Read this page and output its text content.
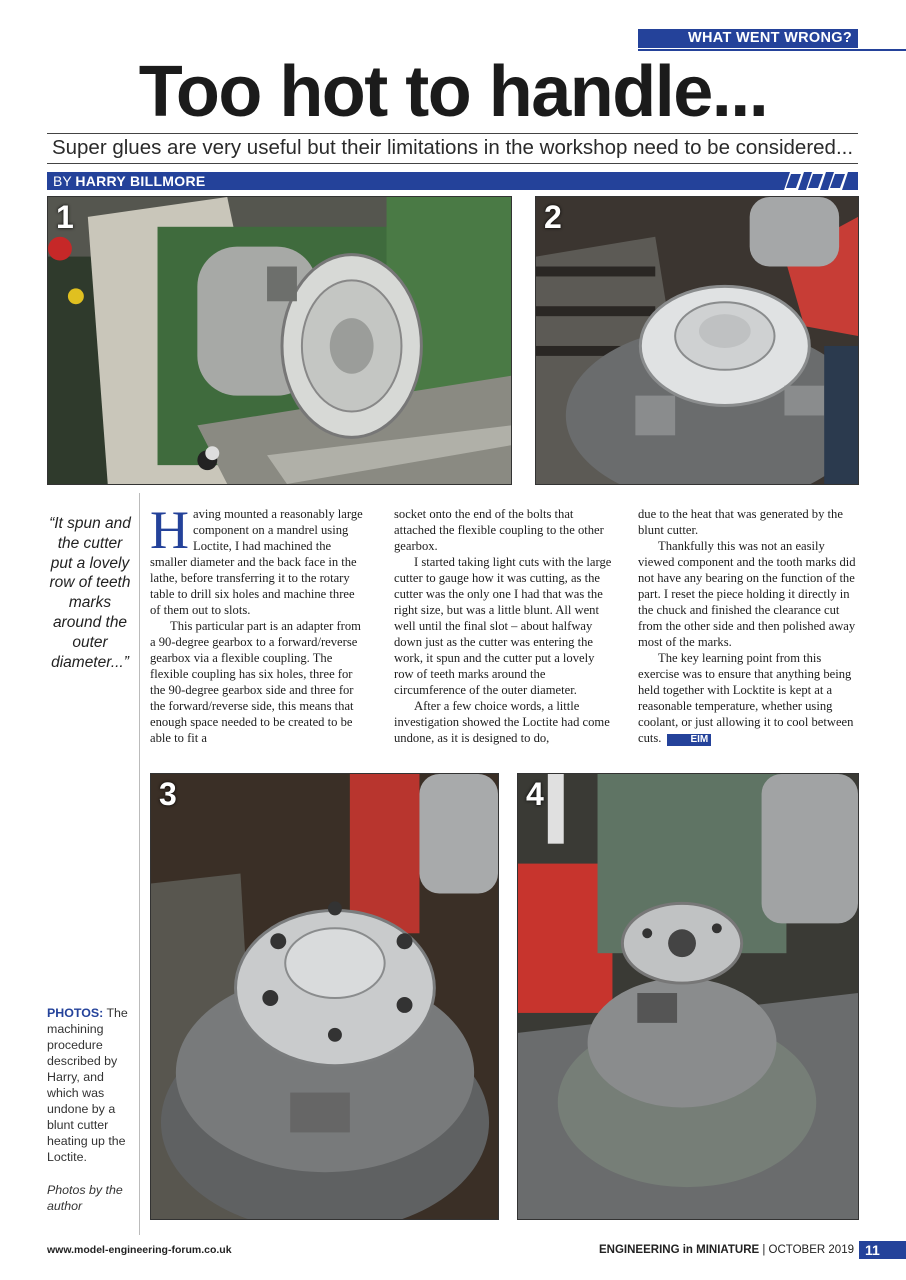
WHAT WENT WRONG?
Too hot to handle...
Super glues are very useful but their limitations in the workshop need to be considered...
BY HARRY BILLMORE
1	2
“It spun and the cutter put a lovely row of teeth marks around the outer diameter...”

Having mounted a reasonably large component on a mandrel using Loctite, I had machined the smaller diameter and the back face in the lathe, before transferring it to the rotary table to drill six holes and machine three of them out to slots.

This particular part is an adapter from a 90-degree gearbox to a forward/reverse gearbox via a flexible coupling. The flexible coupling has six holes, three for the 90-degree gearbox side and three for the forward/reverse side, this means that enough space needed to be created to be able to fit a

socket onto the end of the bolts that attached the flexible coupling to the other gearbox.

I started taking light cuts with the large cutter to gauge how it was cutting, as the cutter was the only one I had that was the right size, but was a little blunt. All went well until the final slot – about halfway down just as the cutter was entering the work, it spun and the cutter put a lovely row of teeth marks around the circumference of the outer diameter.

After a few choice words, a little investigation showed the Loctite had come undone, as it is designed to do,

due to the heat that was generated by the blunt cutter.

Thankfully this was not an easily viewed component and the tooth marks did not have any bearing on the function of the part. I reset the piece holding it directly in the chuck and finished the clearance cut from the other side and then polished away most of the marks.

The key learning point from this exercise was to ensure that anything being held together with Locktite is kept at a reasonable temperature, whether using coolant, or just allowing it to cool between cuts.	EIM

3	4
PHOTOS: The machining procedure described by Harry, and which was undone by a blunt cutter heating up the Loctite.
Photos by the author
www.model-engineering-forum.co.uk	ENGINEERING in MINIATURE | OCTOBER 2019 11
